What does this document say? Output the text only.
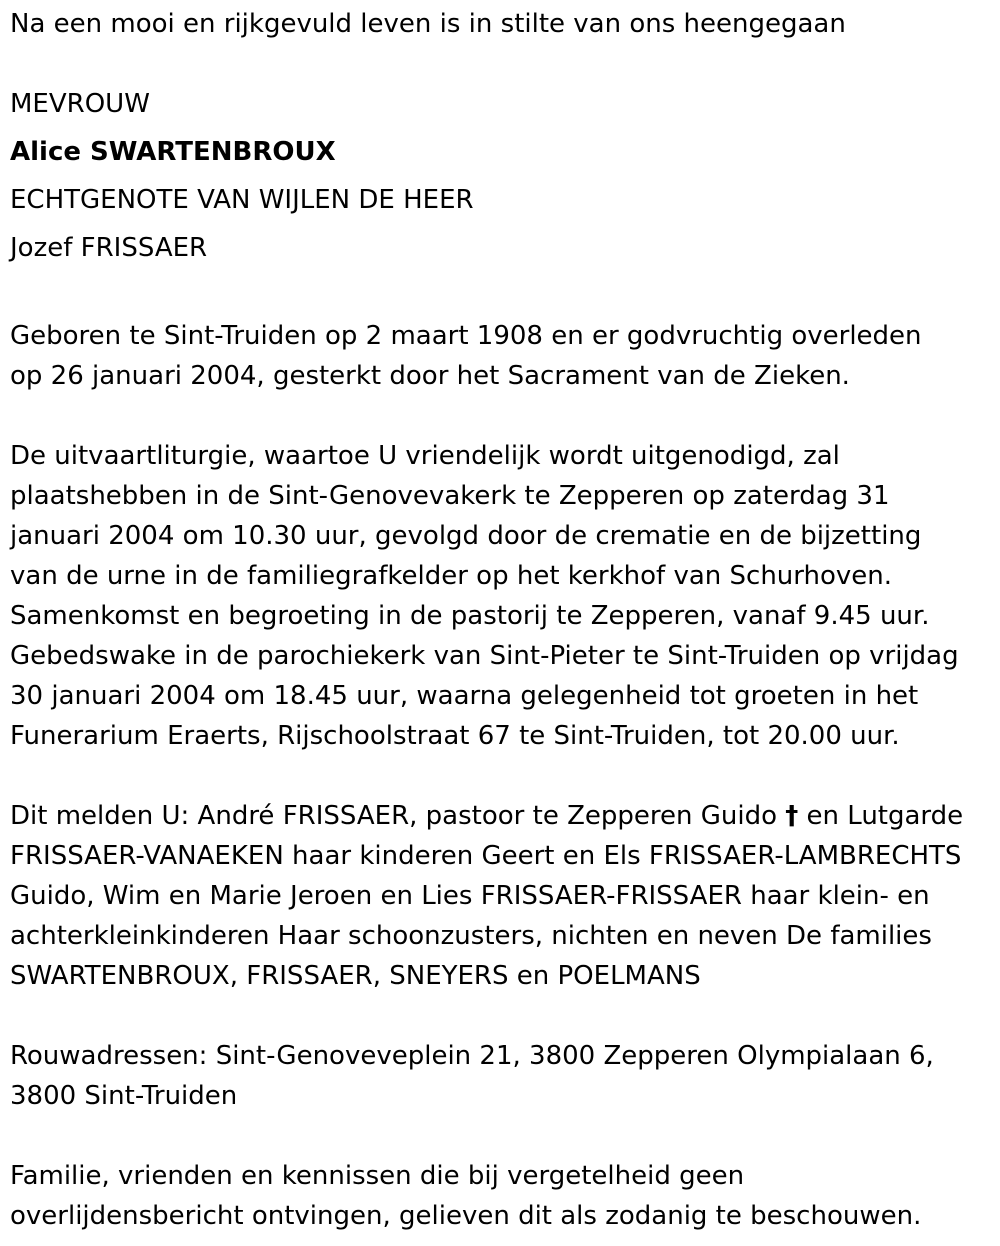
Na een mooi en rijkgevuld leven is in stilte van ons heengegaan
MEVROUW
Alice SWARTENBROUX
ECHTGENOTE VAN WIJLEN DE HEER
Jozef FRISSAER
Geboren te Sint-Truiden op 2 maart 1908 en er godvruchtig overleden
op 26 januari 2004, gesterkt door het Sacrament van de Zieken.
De uitvaartliturgie, waartoe U vriendelijk wordt uitgenodigd, zal
plaatshebben in de Sint-Genovevakerk te Zepperen op zaterdag 31
januari 2004 om 10.30 uur, gevolgd door de crematie en de bijzetting
van de urne in de familiegrafkelder op het kerkhof van Schurhoven.
Samenkomst en begroeting in de pastorij te Zepperen, vanaf 9.45 uur.
Gebedswake in de parochiekerk van Sint-Pieter te Sint-Truiden op vrijdag
30 januari 2004 om 18.45 uur, waarna gelegenheid tot groeten in het
Funerarium Eraerts, Rijschoolstraat 67 te Sint-Truiden, tot 20.00 uur.
Dit melden U: André FRISSAER, pastoor te Zepperen Guido † en Lutgarde
FRISSAER-VANAEKEN haar kinderen Geert en Els FRISSAER-LAMBRECHTS
Guido, Wim en Marie Jeroen en Lies FRISSAER-FRISSAER haar klein- en
achterkleinkinderen Haar schoonzusters, nichten en neven De families
SWARTENBROUX, FRISSAER, SNEYERS en POELMANS
Rouwadressen: Sint-Genoveveplein 21, 3800 Zepperen Olympialaan 6,
3800 Sint-Truiden
Familie, vrienden en kennissen die bij vergetelheid geen
overlijdensbericht ontvingen, gelieven dit als zodanig te beschouwen.
